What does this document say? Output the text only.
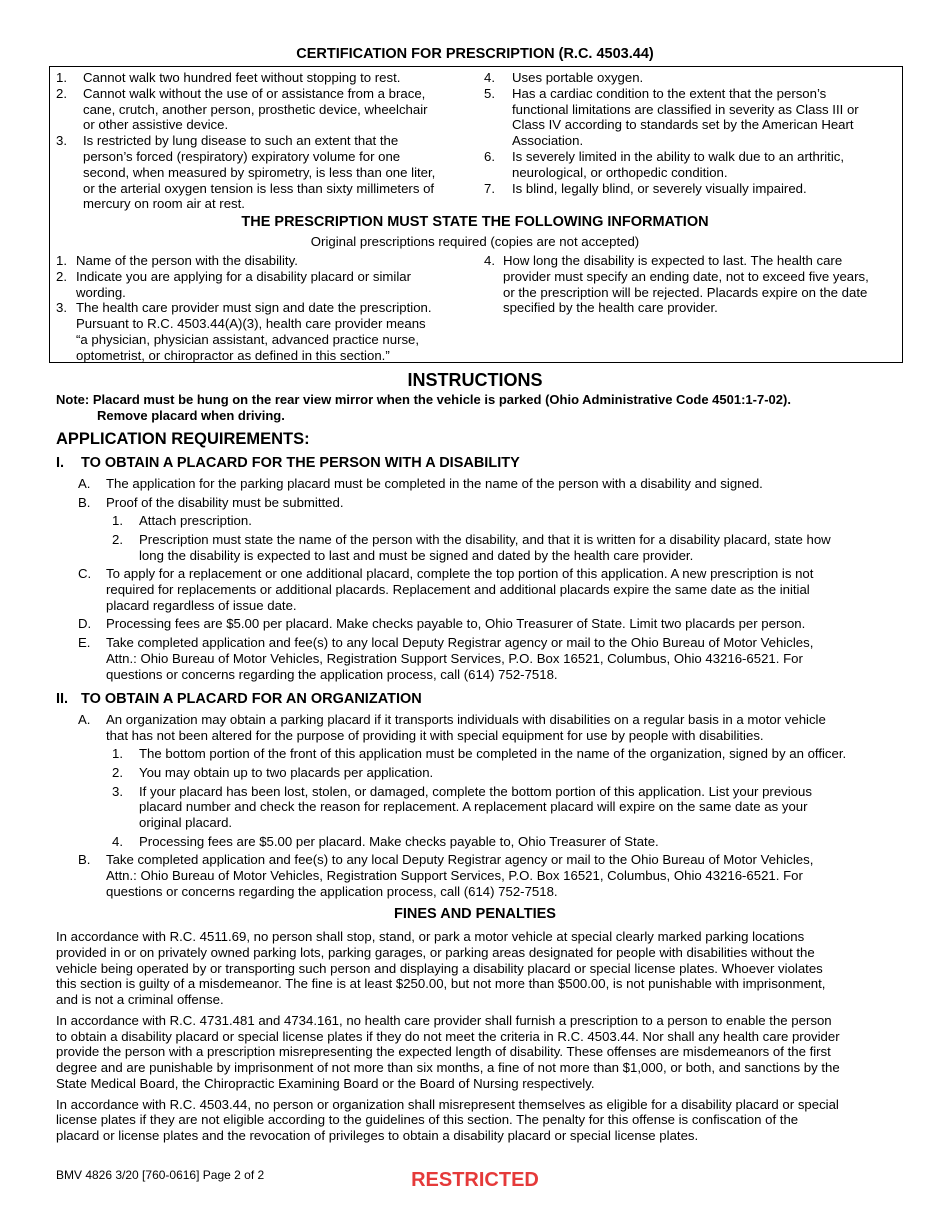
CERTIFICATION FOR PRESCRIPTION (R.C. 4503.44)
1. Cannot walk two hundred feet without stopping to rest.
2. Cannot walk without the use of or assistance from a brace,
cane, crutch, another person, prosthetic device, wheelchair
or other assistive device.
3. Is restricted by lung disease to such an extent that the
person’s forced (respiratory) expiratory volume for one
second, when measured by spirometry, is less than one liter,
or the arterial oxygen tension is less than sixty millimeters of
mercury on room air at rest.
4. Uses portable oxygen.
5. Has a cardiac condition to the extent that the person’s
functional limitations are classified in severity as Class III or
Class IV according to standards set by the American Heart
Association.
6. Is severely limited in the ability to walk due to an arthritic,
neurological, or orthopedic condition.
7. Is blind, legally blind, or severely visually impaired.
THE PRESCRIPTION MUST STATE THE FOLLOWING INFORMATION
Original prescriptions required (copies are not accepted)
1. Name of the person with the disability.
2. Indicate you are applying for a disability placard or similar
wording.
3. The health care provider must sign and date the prescription.
Pursuant to R.C. 4503.44(A)(3), health care provider means
“a physician, physician assistant, advanced practice nurse,
optometrist, or chiropractor as defined in this section.”
4. How long the disability is expected to last. The health care
provider must specify an ending date, not to exceed five years,
or the prescription will be rejected. Placards expire on the date
specified by the health care provider.
INSTRUCTIONS
Note: Placard must be hung on the rear view mirror when the vehicle is parked (Ohio Administrative Code 4501:1-7-02).
Remove placard when driving.
APPLICATION REQUIREMENTS:
I. TO OBTAIN A PLACARD FOR THE PERSON WITH A DISABILITY
A. The application for the parking placard must be completed in the name of the person with a disability and signed.
B. Proof of the disability must be submitted.
1. Attach prescription.
2. Prescription must state the name of the person with the disability, and that it is written for a disability placard, state how
long the disability is expected to last and must be signed and dated by the health care provider.
C. To apply for a replacement or one additional placard, complete the top portion of this application. A new prescription is not
required for replacements or additional placards. Replacement and additional placards expire the same date as the initial
placard regardless of issue date.
D. Processing fees are $5.00 per placard. Make checks payable to, Ohio Treasurer of State. Limit two placards per person.
E. Take completed application and fee(s) to any local Deputy Registrar agency or mail to the Ohio Bureau of Motor Vehicles,
Attn.: Ohio Bureau of Motor Vehicles, Registration Support Services, P.O. Box 16521, Columbus, Ohio 43216-6521. For
questions or concerns regarding the application process, call (614) 752-7518.
II. TO OBTAIN A PLACARD FOR AN ORGANIZATION
A. An organization may obtain a parking placard if it transports individuals with disabilities on a regular basis in a motor vehicle
that has not been altered for the purpose of providing it with special equipment for use by people with disabilities.
1. The bottom portion of the front of this application must be completed in the name of the organization, signed by an officer.
2. You may obtain up to two placards per application.
3. If your placard has been lost, stolen, or damaged, complete the bottom portion of this application. List your previous
placard number and check the reason for replacement. A replacement placard will expire on the same date as your
original placard.
4. Processing fees are $5.00 per placard. Make checks payable to, Ohio Treasurer of State.
B. Take completed application and fee(s) to any local Deputy Registrar agency or mail to the Ohio Bureau of Motor Vehicles,
Attn.: Ohio Bureau of Motor Vehicles, Registration Support Services, P.O. Box 16521, Columbus, Ohio 43216-6521. For
questions or concerns regarding the application process, call (614) 752-7518.
FINES AND PENALTIES
In accordance with R.C. 4511.69, no person shall stop, stand, or park a motor vehicle at special clearly marked parking locations
provided in or on privately owned parking lots, parking garages, or parking areas designated for people with disabilities without the
vehicle being operated by or transporting such person and displaying a disability placard or special license plates. Whoever violates
this section is guilty of a misdemeanor. The fine is at least $250.00, but not more than $500.00, is not punishable with imprisonment,
and is not a criminal offense.
In accordance with R.C. 4731.481 and 4734.161, no health care provider shall furnish a prescription to a person to enable the person
to obtain a disability placard or special license plates if they do not meet the criteria in R.C. 4503.44. Nor shall any health care provider
provide the person with a prescription misrepresenting the expected length of disability. These offenses are misdemeanors of the first
degree and are punishable by imprisonment of not more than six months, a fine of not more than $1,000, or both, and sanctions by the
State Medical Board, the Chiropractic Examining Board or the Board of Nursing respectively.
In accordance with R.C. 4503.44, no person or organization shall misrepresent themselves as eligible for a disability placard or special
license plates if they are not eligible according to the guidelines of this section. The penalty for this offense is confiscation of the
placard or license plates and the revocation of privileges to obtain a disability placard or special license plates.
BMV 4826 3/20 [760-0616] Page 2 of 2	RESTRICTED
